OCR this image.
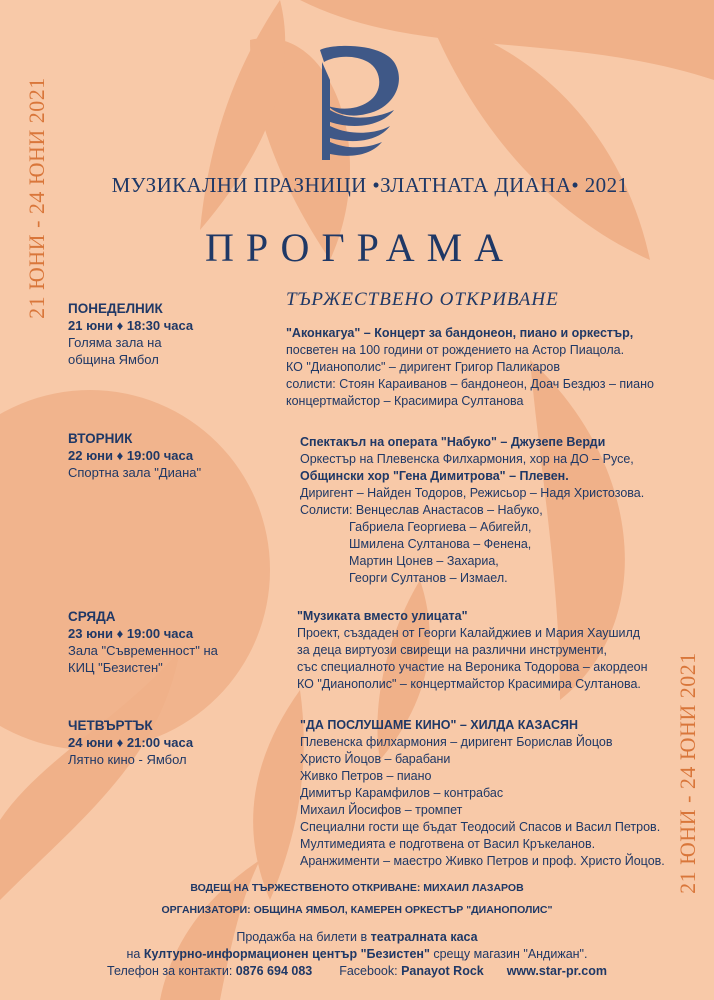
21 ЮНИ - 24 ЮНИ 2021
21 ЮНИ - 24 ЮНИ 2021
МУЗИКАЛНИ ПРАЗНИЦИ •ЗЛАТНАТА ДИАНА• 2021
ПРОГРАМА
ПОНЕДЕЛНИК
21 юни ♦ 18:30 часа
Голяма зала на
община Ямбол
ТЪРЖЕСТВЕНО ОТКРИВАНЕ
"Аконкагуа" – Концерт за бандонеон, пиано и оркестър,
посветен на 100 години от рождението на Астор Пиацола.
КО "Дианополис" – диригент Григор Паликаров
солисти: Стоян Караиванов – бандонеон, Доач Бездюз – пиано
концертмайстор – Красимира Султанова
ВТОРНИК
22 юни ♦ 19:00 часа
Спортна зала "Диана"
Спектакъл на операта "Набуко" – Джузепе Верди
Оркестър на Плевенска Филхармония, хор на ДО – Русе,
Общински хор "Гена Димитрова" – Плевен.
Диригент – Найден Тодоров, Режисьор – Надя Христозова.
Солисти: Венцеслав Анастасов – Набуко,
Габриела Георгиева – Абигейл,
Шмилена Султанова – Фенена,
Мартин Цонев – Захариа,
Георги Султанов – Измаел.
СРЯДА
23 юни ♦ 19:00 часа
Зала "Съвременност" на
КИЦ "Безистен"
"Музиката вместо улицата"
Проект, създаден от Георги Калайджиев и Мария Хаушилд
за деца виртуози свирещи на различни инструменти,
със специалното участие на Вероника Тодорова – акордеон
КО "Дианополис" – концертмайстор Красимира Султанова.
ЧЕТВЪРТЪК
24 юни ♦ 21:00 часа
Лятно кино - Ямбол
"ДА ПОСЛУШАМЕ КИНО" – ХИЛДА КАЗАСЯН
Плевенска филхармония – диригент Борислав Йоцов
Христо Йоцов – барабани
Живко Петров – пиано
Димитър Карамфилов – контрабас
Михаил Йосифов – тромпет
Специални гости ще бъдат Теодосий Спасов и Васил Петров.
Мултимедията е подготвена от Васил Кръкеланов.
Аранжименти – маестро Живко Петров и проф. Христо Йоцов.
ВОДЕЩ НА ТЪРЖЕСТВЕНОТО ОТКРИВАНЕ: МИХАИЛ ЛАЗАРОВ
ОРГАНИЗАТОРИ: ОБЩИНА ЯМБОЛ, КАМЕРЕН ОРКЕСТЪР "ДИАНОПОЛИС"
Продажба на билети в театралната каса
на Културно-информационен център "Безистен" срещу магазин "Андижан".
Телефон за контакти: 0876 694 083 Facebook: Panayot Rock www.star-pr.com
